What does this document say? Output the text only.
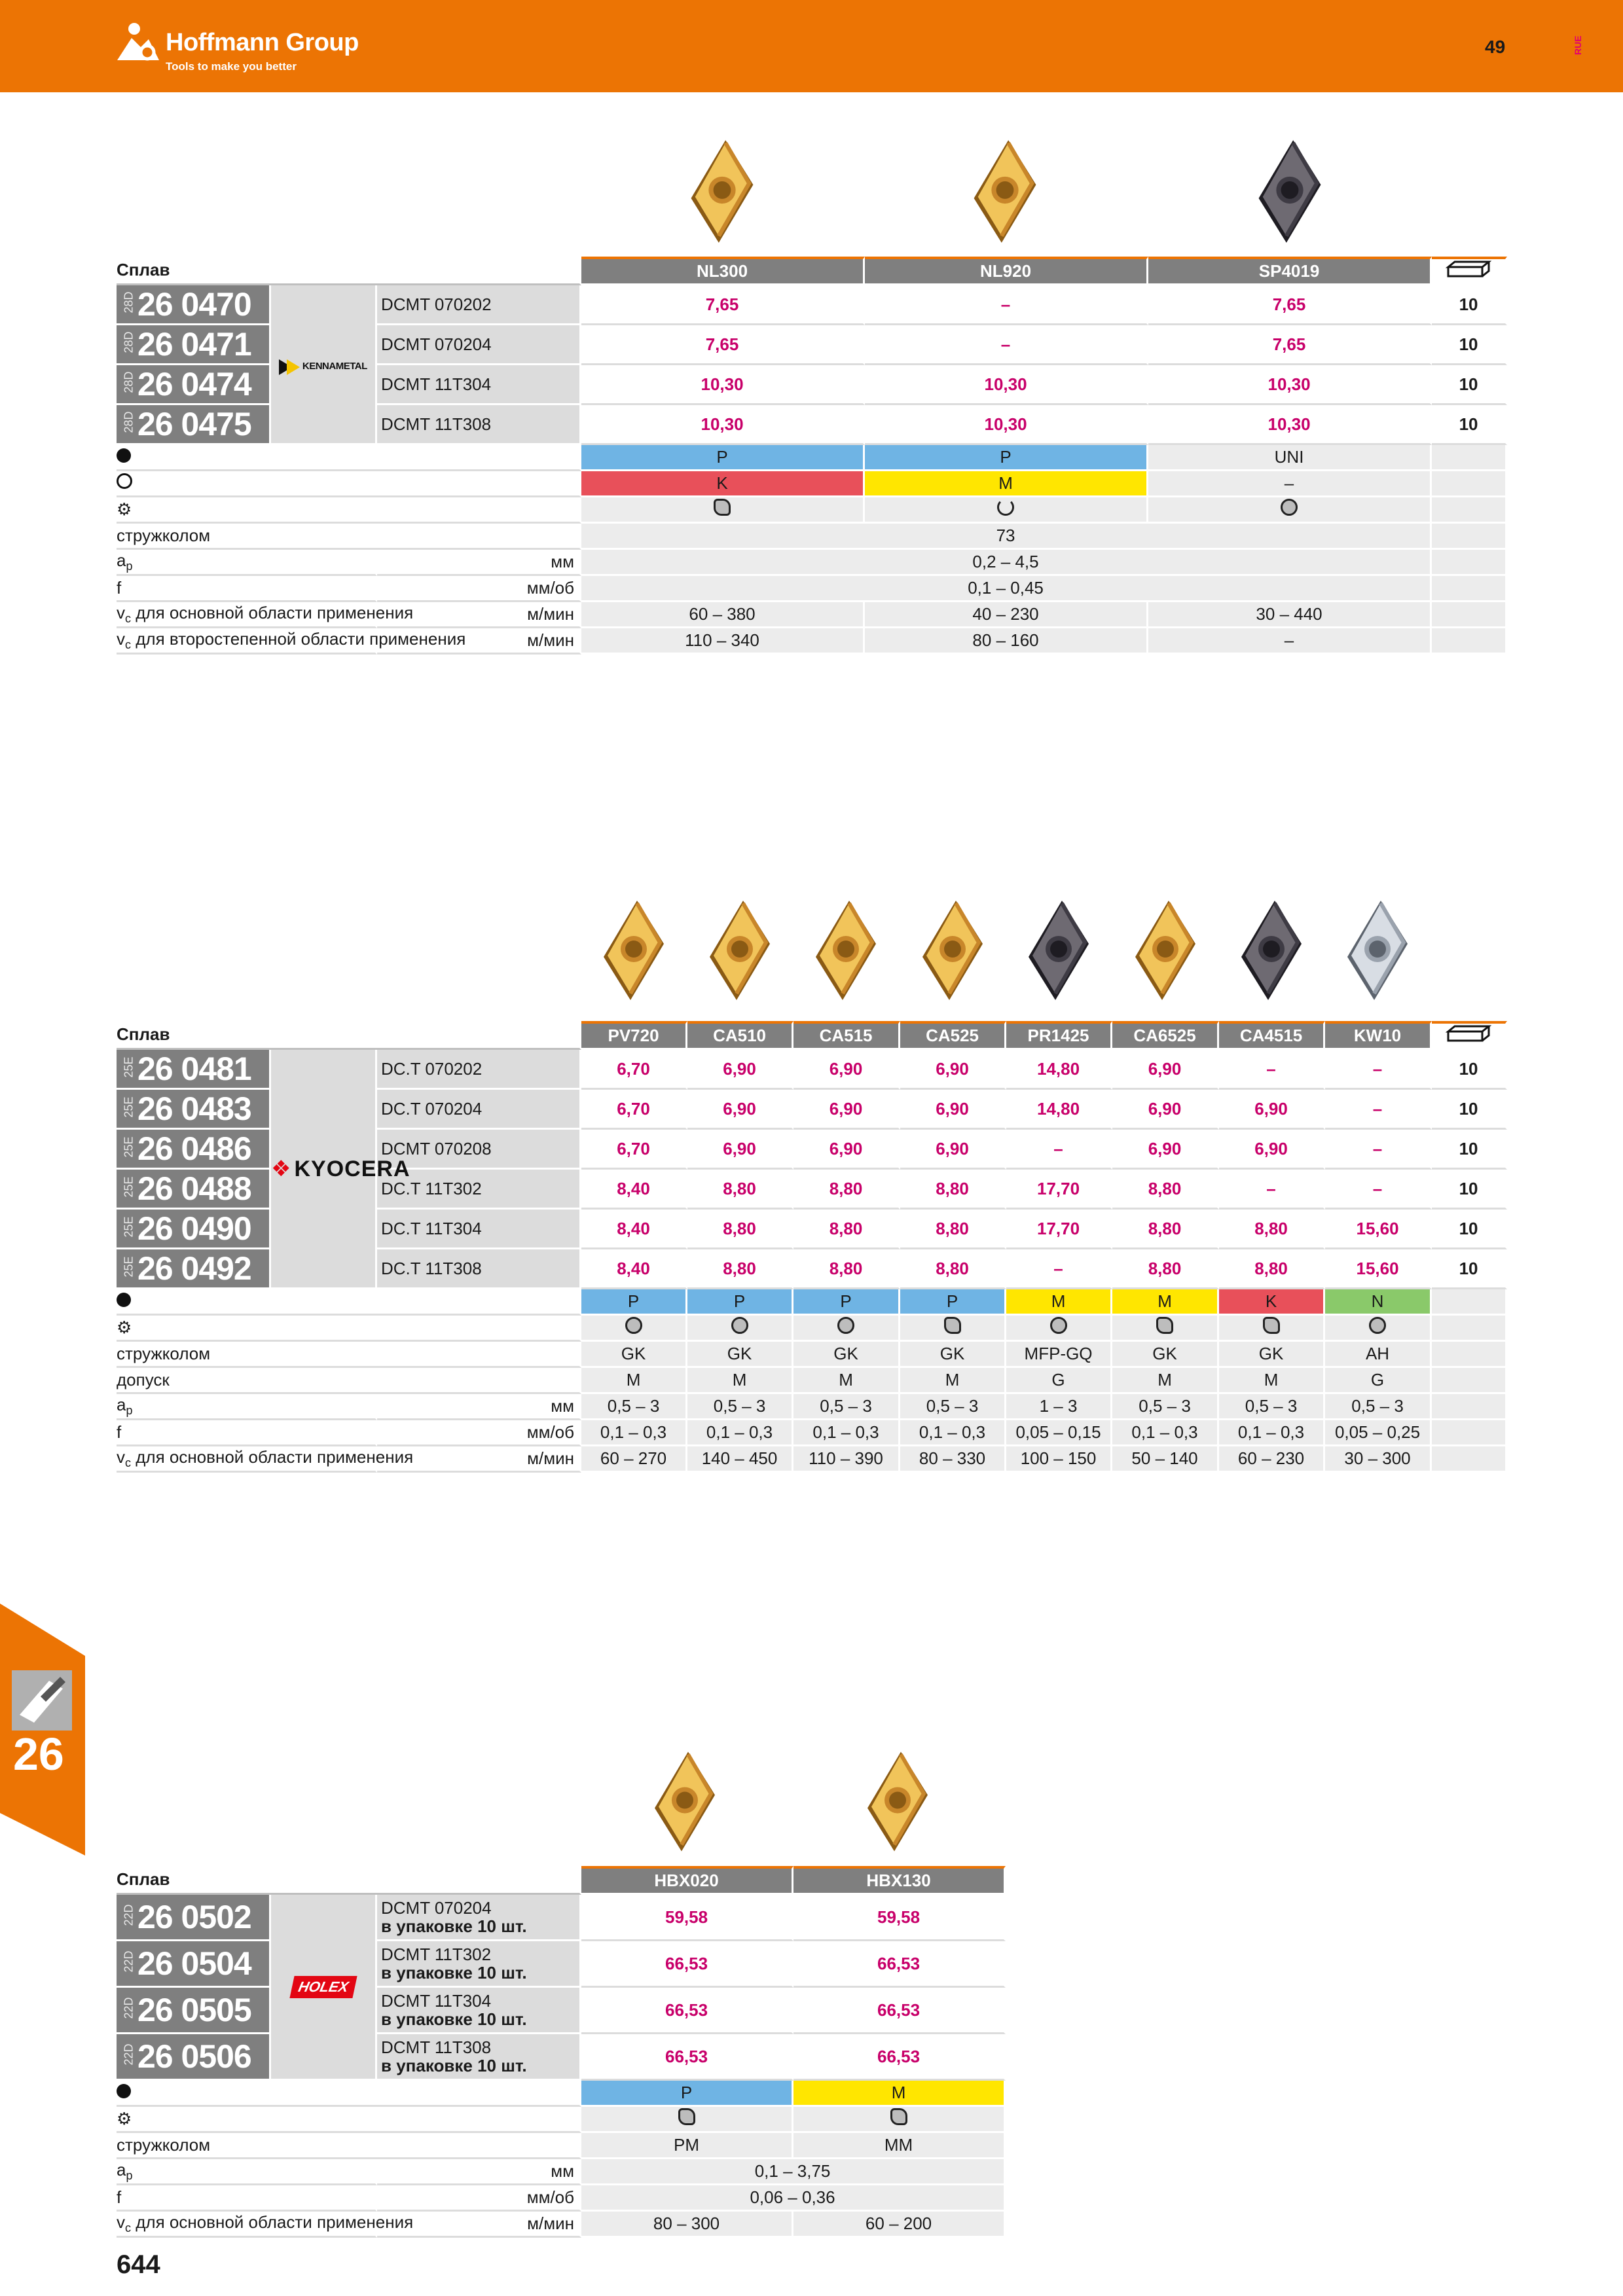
Hoffmann Group
Tools to make you better
49	RUE
26
Сплав			NL300	NL920	SP4019	
28D26 0470	KENNAMETAL	DCMT 070202	7,65	–	7,65	10
28D26 0471		DCMT 070204	7,65	–	7,65	10
28D26 0474		DCMT 11T304	10,30	10,30	10,30	10
28D26 0475		DCMT 11T308	10,30	10,30	10,30	10
			P	P	UNI	
			K	M	–	
⚙						
стружколом			73			
$a_p$		мм	0,2 – 4,5			
f		мм/об	0,1 – 0,45			
$v_c$ для основной области применения		м/мин	60 – 380	40 – 230	30 – 440	
$v_c$ для второстепенной области применения		м/мин	110 – 340	80 – 160	–	
Сплав			PV720	CA510	CA515	CA525	PR1425	CA6525	CA4515	KW10	
25E26 0481	❖ KYOCERA	DC.T 070202	6,70	6,90	6,90	6,90	14,80	6,90	–	–	10
25E26 0483		DC.T 070204	6,70	6,90	6,90	6,90	14,80	6,90	6,90	–	10
25E26 0486		DCMT 070208	6,70	6,90	6,90	6,90	–	6,90	6,90	–	10
25E26 0488		DC.T 11T302	8,40	8,80	8,80	8,80	17,70	8,80	–	–	10
25E26 0490		DC.T 11T304	8,40	8,80	8,80	8,80	17,70	8,80	8,80	15,60	10
25E26 0492		DC.T 11T308	8,40	8,80	8,80	8,80	–	8,80	8,80	15,60	10
			P	P	P	P	M	M	K	N	
⚙											
стружколом			GK	GK	GK	GK	MFP-GQ	GK	GK	AH	
допуск			M	M	M	M	G	M	M	G	
$a_p$		мм	0,5 – 3	0,5 – 3	0,5 – 3	0,5 – 3	1 – 3	0,5 – 3	0,5 – 3	0,5 – 3	
f		мм/об	0,1 – 0,3	0,1 – 0,3	0,1 – 0,3	0,1 – 0,3	0,05 – 0,15	0,1 – 0,3	0,1 – 0,3	0,05 – 0,25	
$v_c$ для основной области применения		м/мин	60 – 270	140 – 450	110 – 390	80 – 330	100 – 150	50 – 140	60 – 230	30 – 300	
Сплав			HBX020	HBX130
22D26 0502	HOLEX	DCMT 070204
в упаковке 10 шт.	59,58	59,58
22D26 0504		DCMT 11T302
в упаковке 10 шт.	66,53	66,53
22D26 0505		DCMT 11T304
в упаковке 10 шт.	66,53	66,53
22D26 0506		DCMT 11T308
в упаковке 10 шт.	66,53	66,53
			P	M
⚙				
стружколом			PM	MM
$a_p$		мм	0,1 – 3,75	
f		мм/об	0,06 – 0,36	
$v_c$ для основной области применения		м/мин	80 – 300	60 – 200
644
